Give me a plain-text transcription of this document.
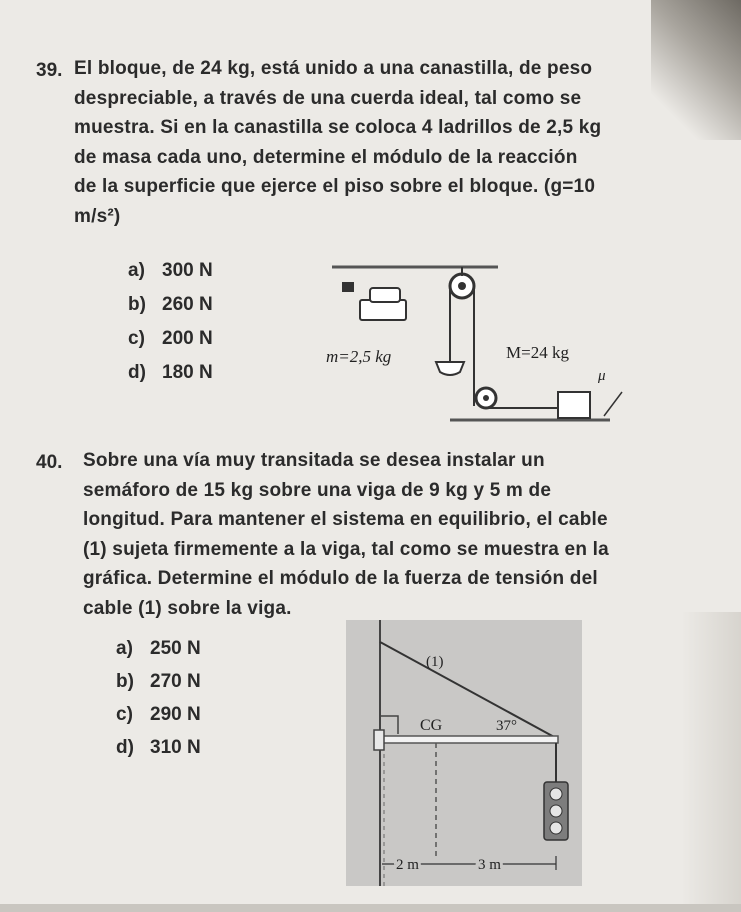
39. El bloque, de 24 kg, está unido a una canastilla, de peso
despreciable, a través de una cuerda ideal, tal como se
muestra. Si en la canastilla se coloca 4 ladrillos de 2,5 kg
de masa cada uno, determine el módulo de la reacción
de la superficie que ejerce el piso sobre el bloque. (g=10
m/s²)
a) 300 N
b) 260 N
c) 200 N
d) 180 N
m=2,5 kg	M=24 kg
μ
40. Sobre una vía muy transitada se desea instalar un
semáforo de 15 kg sobre una viga de 9 kg y 5 m de
longitud. Para mantener el sistema en equilibrio, el cable
(1) sujeta firmemente a la viga, tal como se muestra en la
gráfica. Determine el módulo de la fuerza de tensión del
cable (1) sobre la viga.
a) 250 N
b) 270 N
c) 290 N
d) 310 N
(1)
CG	37°
2 m	3 m
